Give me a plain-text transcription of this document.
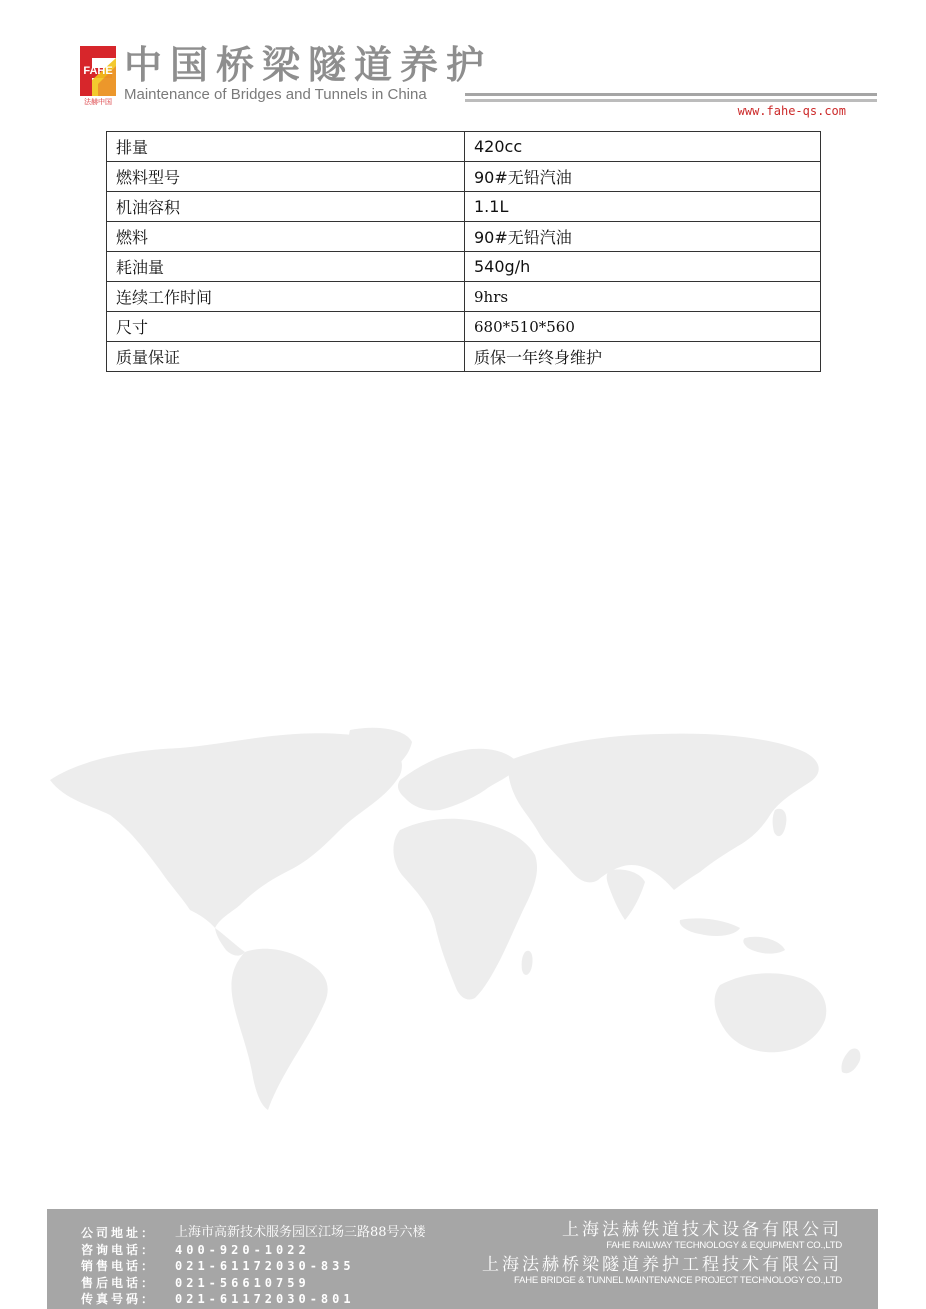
FAHE
法赫中国
中国桥梁隧道养护
Maintenance of Bridges and Tunnels in China
www.fahe-qs.com
排量	420cc
燃料型号	90#无铅汽油
机油容积	1.1L
燃料	90#无铅汽油
耗油量	540g/h
连续工作时间	9hrs
尺寸	680*510*560
质量保证	质保一年终身维护
公司地址：	上海市高新技术服务园区江场三路88号六楼
咨询电话：	400-920-1022
销售电话：	021-61172030-835
售后电话：	021-56610759
传真号码：	021-61172030-801
上海法赫铁道技术设备有限公司
FAHE RAILWAY TECHNOLOGY & EQUIPMENT CO.,LTD
上海法赫桥梁隧道养护工程技术有限公司
FAHE BRIDGE & TUNNEL MAINTENANCE PROJECT TECHNOLOGY CO.,LTD
